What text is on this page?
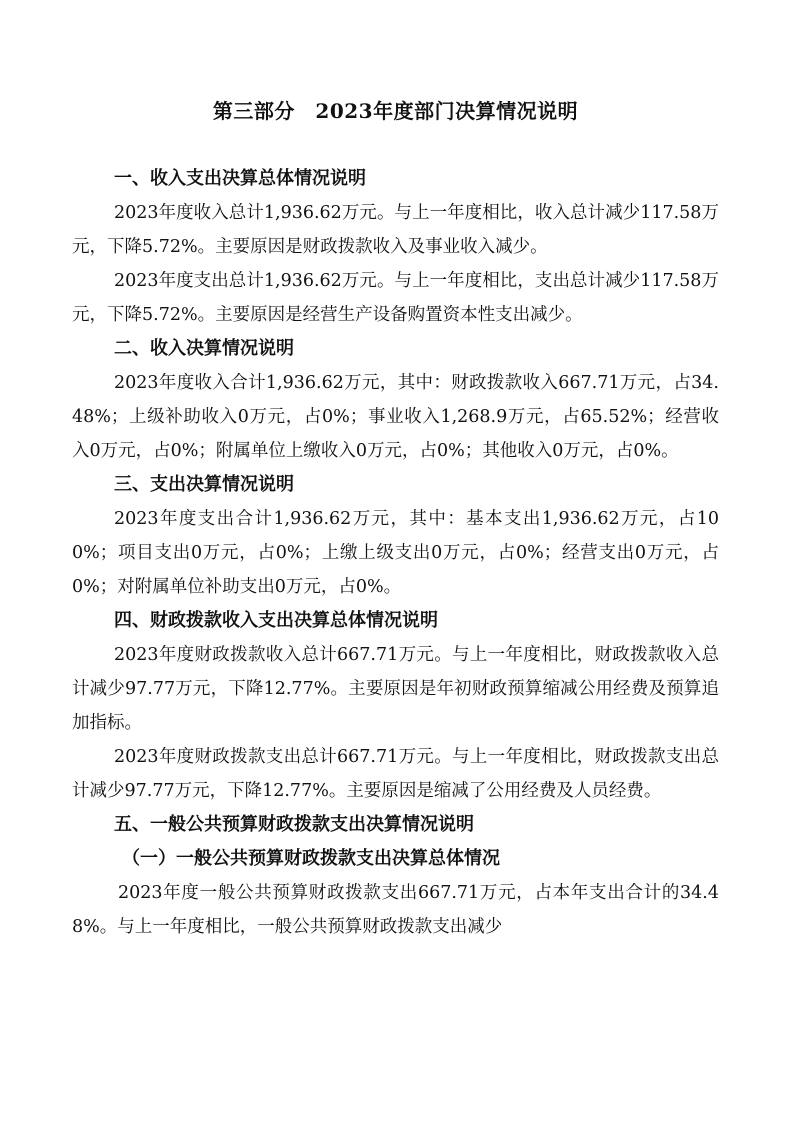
第三部分　2023年度部门决算情况说明
一、收入支出决算总体情况说明

2023年度收入总计1,936.62万元。与上一年度相比，收入总计减少117.58万元，下降5.72%。主要原因是财政拨款收入及事业收入减少。

2023年度支出总计1,936.62万元。与上一年度相比，支出总计减少117.58万元，下降5.72%。主要原因是经营生产设备购置资本性支出减少。

二、收入决算情况说明

2023年度收入合计1,936.62万元，其中：财政拨款收入667.71万元，占34.48%；上级补助收入0万元，占0%；事业收入1,268.9万元，占65.52%；经营收入0万元，占0%；附属单位上缴收入0万元，占0%；其他收入0万元，占0%。

三、支出决算情况说明

2023年度支出合计1,936.62万元，其中：基本支出1,936.62万元，占100%；项目支出0万元，占0%；上缴上级支出0万元，占0%；经营支出0万元，占0%；对附属单位补助支出0万元，占0%。

四、财政拨款收入支出决算总体情况说明

2023年度财政拨款收入总计667.71万元。与上一年度相比，财政拨款收入总计减少97.77万元，下降12.77%。主要原因是年初财政预算缩减公用经费及预算追加指标。

2023年度财政拨款支出总计667.71万元。与上一年度相比，财政拨款支出总计减少97.77万元，下降12.77%。主要原因是缩减了公用经费及人员经费。

五、一般公共预算财政拨款支出决算情况说明
（一）一般公共预算财政拨款支出决算总体情况

2023年度一般公共预算财政拨款支出667.71万元，占本年支出合计的34.48%。与上一年度相比，一般公共预算财政拨款支出减少
